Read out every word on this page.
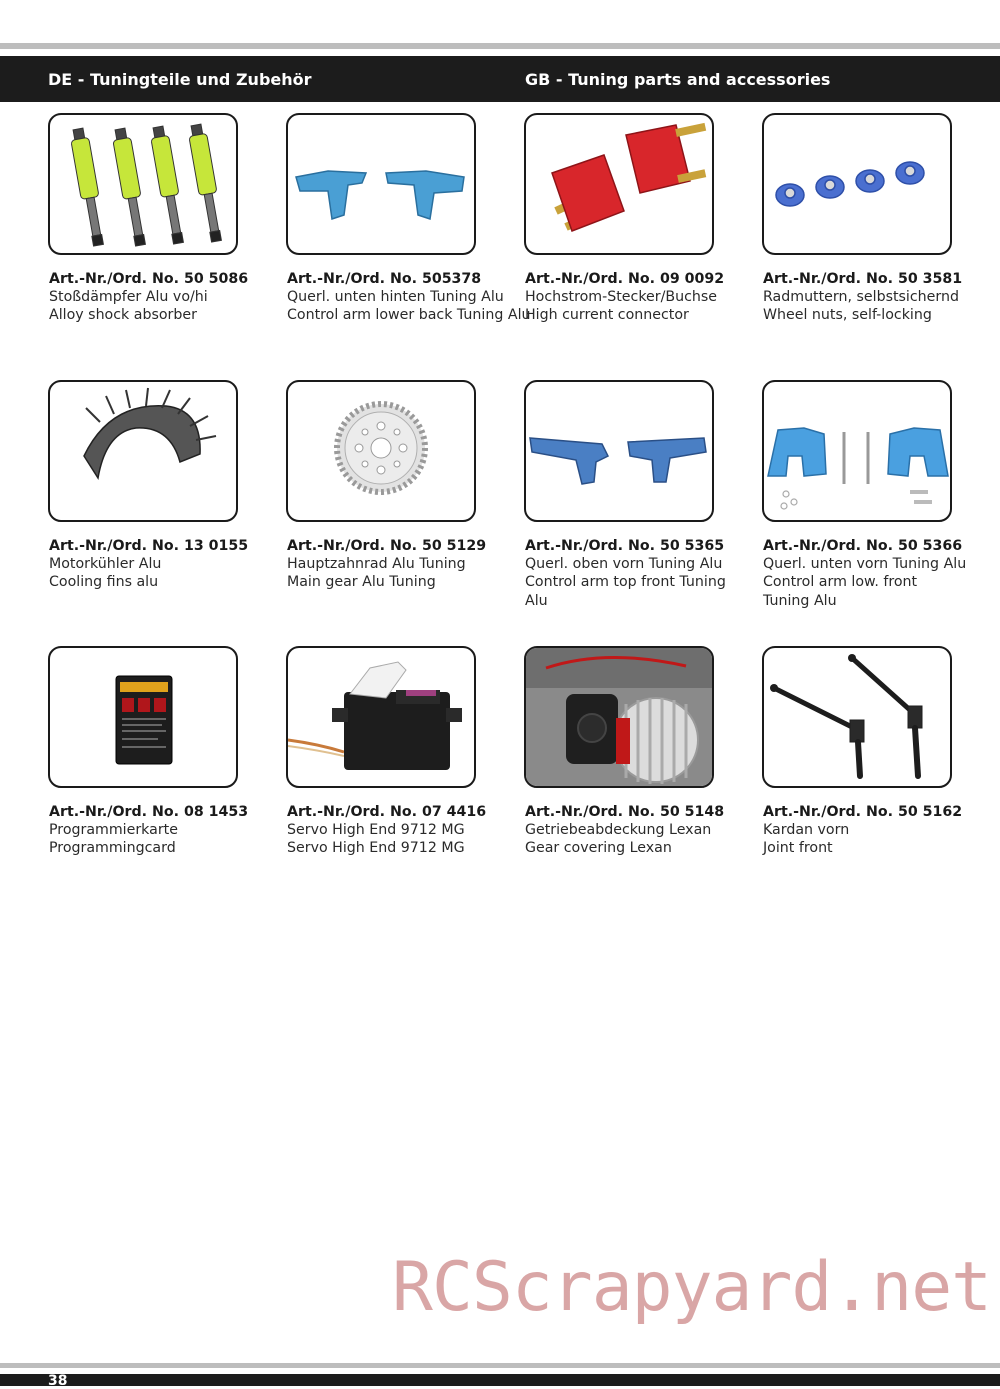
DE - Tuningteile und Zubehör	GB - Tuning parts and accessories
Art.-Nr./Ord. No. 50 5086
Stoßdämpfer Alu vo/hi
Alloy shock absorber
Art.-Nr./Ord. No. 505378
Querl. unten hinten Tuning Alu
Control arm lower back Tuning Alu
Art.-Nr./Ord. No. 09 0092
Hochstrom-Stecker/Buchse
High current connector
Art.-Nr./Ord. No. 50 3581
Radmuttern, selbstsichernd
Wheel nuts, self-locking
Art.-Nr./Ord. No. 13 0155
Motorkühler Alu
Cooling fins alu
Art.-Nr./Ord. No. 50 5129
Hauptzahnrad Alu Tuning
Main gear Alu Tuning
Art.-Nr./Ord. No. 50 5365
Querl. oben vorn Tuning Alu
Control arm top front Tuning
Alu
Art.-Nr./Ord. No. 50 5366
Querl. unten vorn Tuning Alu
Control arm low. front
Tuning Alu
Art.-Nr./Ord. No. 08 1453
Programmierkarte
Programmingcard
Art.-Nr./Ord. No. 07 4416
Servo High End 9712 MG
Servo High End 9712 MG
Art.-Nr./Ord. No. 50 5148
Getriebeabdeckung Lexan
Gear covering Lexan
Art.-Nr./Ord. No. 50 5162
Kardan vorn
Joint front
RCScrapyard.net
38
